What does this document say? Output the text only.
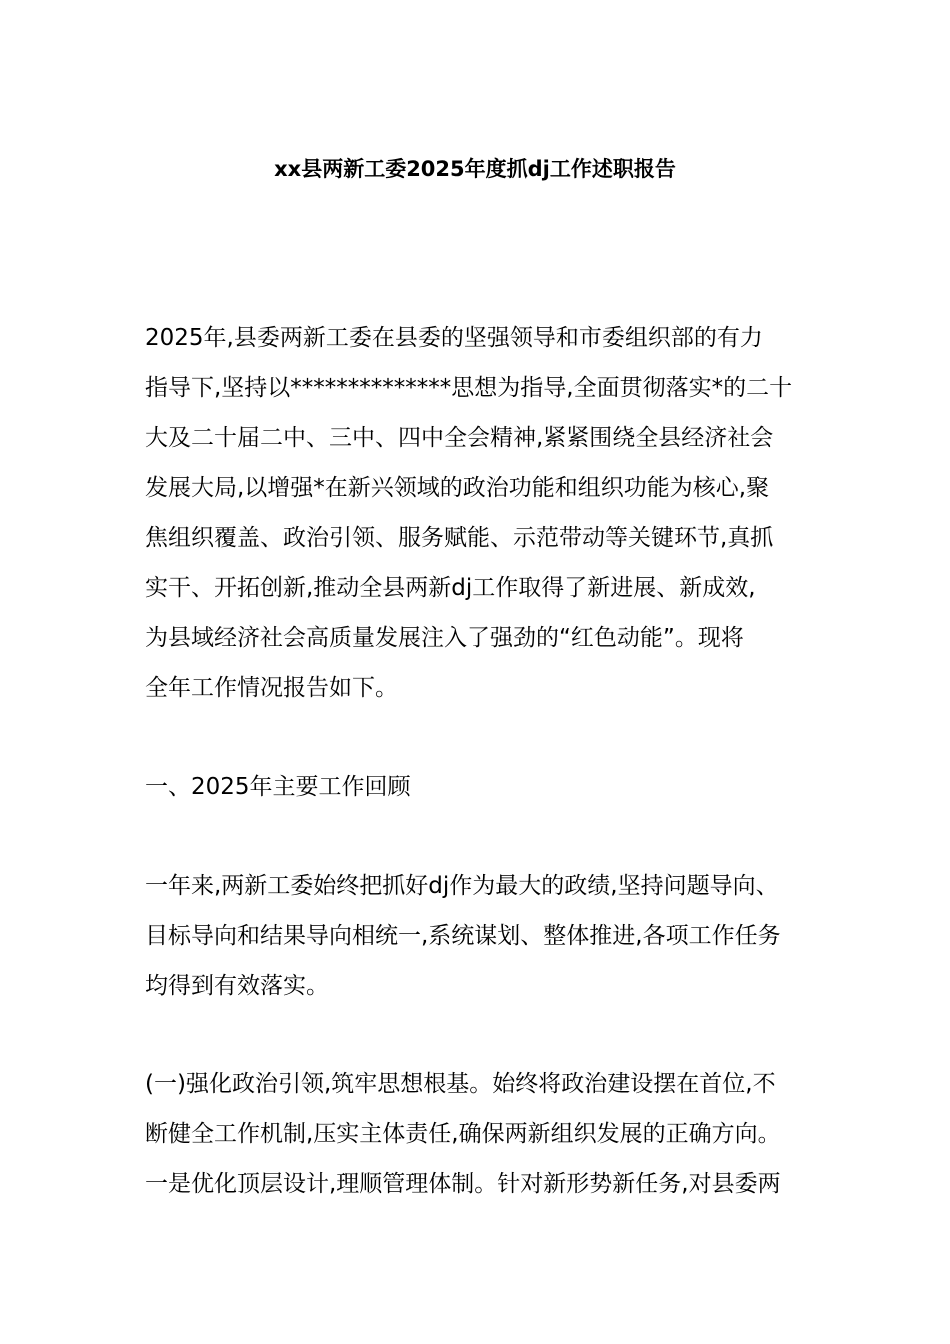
xx县两新工委2025年度抓dj工作述职报告
2025年,县委两新工委在县委的坚强领导和市委组织部的有力
指导下,坚持以**************思想为指导,全面贯彻落实*的二十
大及二十届二中、三中、四中全会精神,紧紧围绕全县经济社会
发展大局,以增强*在新兴领域的政治功能和组织功能为核心,聚
焦组织覆盖、政治引领、服务赋能、示范带动等关键环节,真抓
实干、开拓创新,推动全县两新dj工作取得了新进展、新成效,
为县域经济社会高质量发展注入了强劲的“红色动能”。现将
全年工作情况报告如下。
一、2025年主要工作回顾
一年来,两新工委始终把抓好dj作为最大的政绩,坚持问题导向、
目标导向和结果导向相统一,系统谋划、整体推进,各项工作任务
均得到有效落实。
(一)强化政治引领,筑牢思想根基。始终将政治建设摆在首位,不
断健全工作机制,压实主体责任,确保两新组织发展的正确方向。
一是优化顶层设计,理顺管理体制。针对新形势新任务,对县委两
